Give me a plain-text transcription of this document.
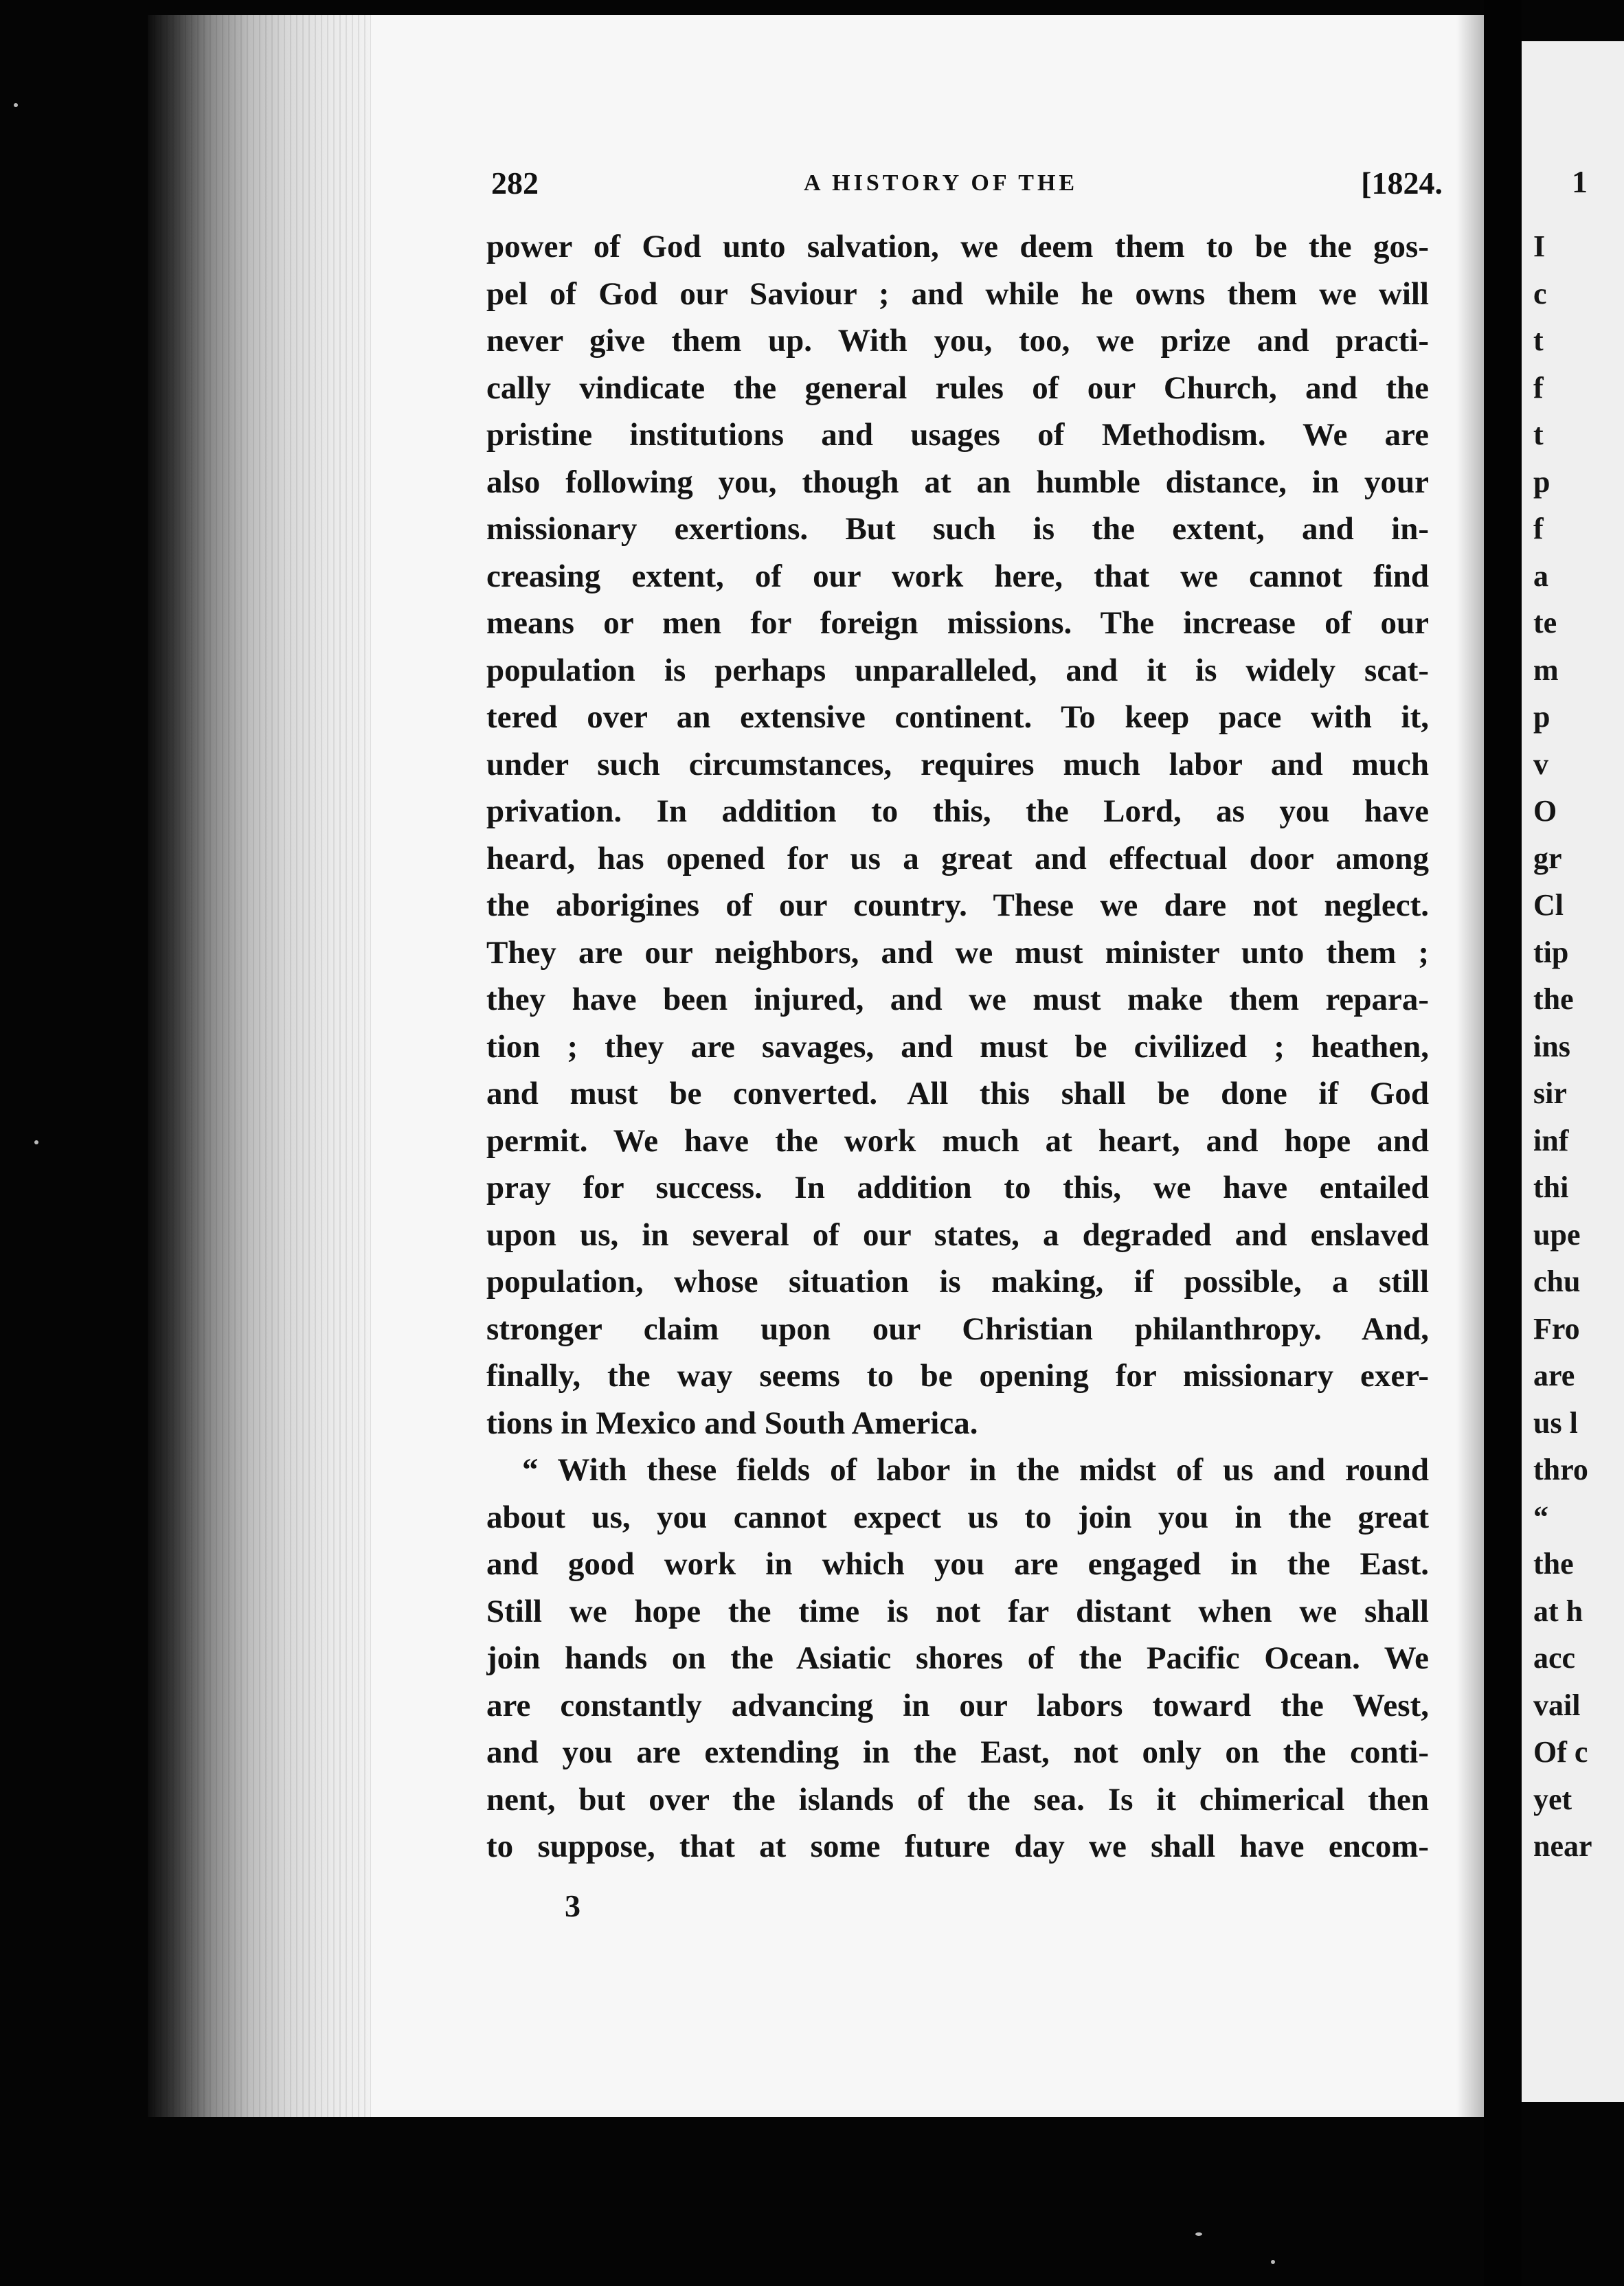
282	A HISTORY OF THE	[1824.
power of God unto salvation, we deem them to be the gos-
pel of God our Saviour ; and while he owns them we will
never give them up. With you, too, we prize and practi-
cally vindicate the general rules of our Church, and the
pristine institutions and usages of Methodism. We are
also following you, though at an humble distance, in your
missionary exertions. But such is the extent, and in-
creasing extent, of our work here, that we cannot find
means or men for foreign missions. The increase of our
population is perhaps unparalleled, and it is widely scat-
tered over an extensive continent. To keep pace with it,
under such circumstances, requires much labor and much
privation. In addition to this, the Lord, as you have
heard, has opened for us a great and effectual door among
the aborigines of our country. These we dare not neglect.
They are our neighbors, and we must minister unto them ;
they have been injured, and we must make them repara-
tion ; they are savages, and must be civilized ; heathen,
and must be converted. All this shall be done if God
permit. We have the work much at heart, and hope and
pray for success. In addition to this, we have entailed
upon us, in several of our states, a degraded and enslaved
population, whose situation is making, if possible, a still
stronger claim upon our Christian philanthropy. And,
finally, the way seems to be opening for missionary exer-
tions in Mexico and South America.
“ With these fields of labor in the midst of us and round
about us, you cannot expect us to join you in the great
and good work in which you are engaged in the East.
Still we hope the time is not far distant when we shall
join hands on the Asiatic shores of the Pacific Ocean. We
are constantly advancing in our labors toward the West,
and you are extending in the East, not only on the conti-
nent, but over the islands of the sea. Is it chimerical then
to suppose, that at some future day we shall have encom-
3
1
I
c
t
f
t
p
f
a
te
m
p
v
O
gr
Cl
tip
the
ins
sir
inf
thi
upe
chu
Fro
are
us l
thro
“
the
at h
acc
vail
Of c
yet
near
